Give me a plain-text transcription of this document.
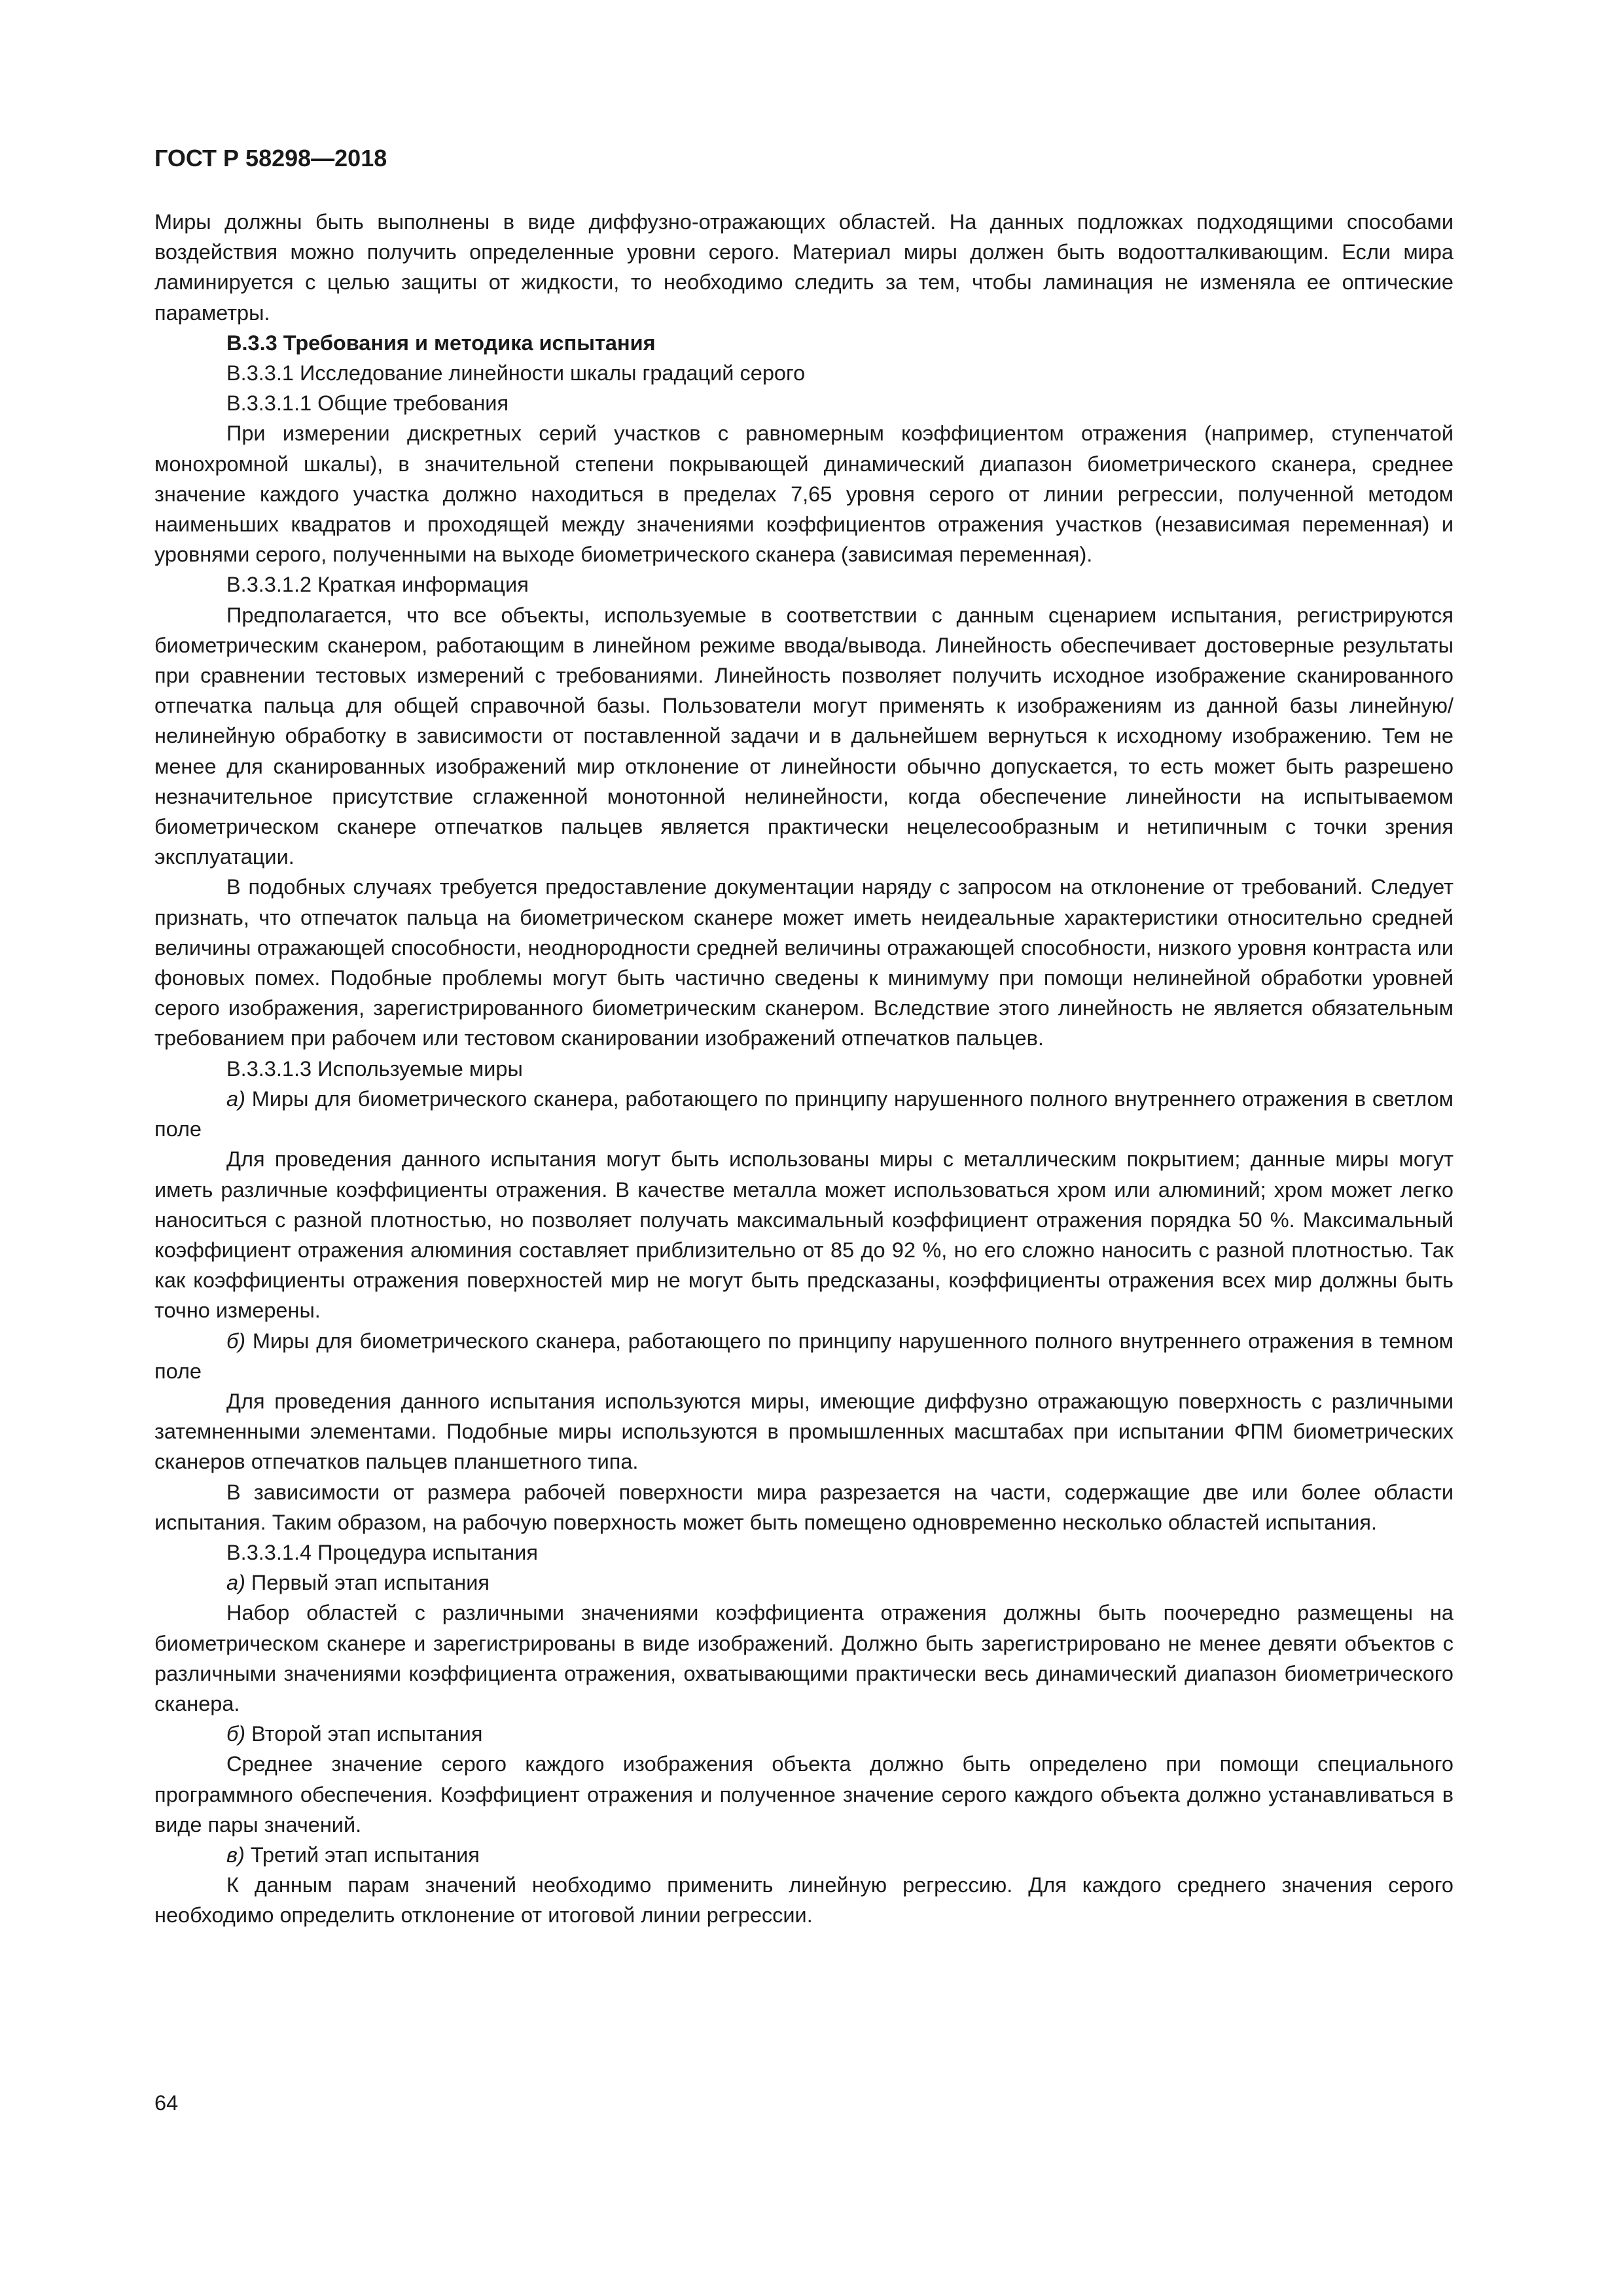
ГОСТ Р 58298—2018

Миры должны быть выполнены в виде диффузно-отражающих областей. На данных подложках подходящими способами воздействия можно получить определенные уровни серого. Материал миры должен быть водоотталкивающим. Если мира ламинируется с целью защиты от жидкости, то необходимо следить за тем, чтобы ламинация не изменяла ее оптические параметры.

В.3.3 Требования и методика испытания

В.3.3.1 Исследование линейности шкалы градаций серого

В.3.3.1.1 Общие требования

При измерении дискретных серий участков с равномерным коэффициентом отражения (например, ступенчатой монохромной шкалы), в значительной степени покрывающей динамический диапазон биометрического сканера, среднее значение каждого участка должно находиться в пределах 7,65 уровня серого от линии регрессии, полученной методом наименьших квадратов и проходящей между значениями коэффициентов отражения участков (независимая переменная) и уровнями серого, полученными на выходе биометрического сканера (зависимая переменная).

В.3.3.1.2 Краткая информация

Предполагается, что все объекты, используемые в соответствии с данным сценарием испытания, регистрируются биометрическим сканером, работающим в линейном режиме ввода/вывода. Линейность обеспечивает достоверные результаты при сравнении тестовых измерений с требованиями. Линейность позволяет получить исходное изображение сканированного отпечатка пальца для общей справочной базы. Пользователи могут применять к изображениям из данной базы линейную/нелинейную обработку в зависимости от поставленной задачи и в дальнейшем вернуться к исходному изображению. Тем не менее для сканированных изображений мир отклонение от линейности обычно допускается, то есть может быть разрешено незначительное присутствие сглаженной монотонной нелинейности, когда обеспечение линейности на испытываемом биометрическом сканере отпечатков пальцев является практически нецелесообразным и нетипичным с точки зрения эксплуатации.

В подобных случаях требуется предоставление документации наряду с запросом на отклонение от требований. Следует признать, что отпечаток пальца на биометрическом сканере может иметь неидеальные характеристики относительно средней величины отражающей способности, неоднородности средней величины отражающей способности, низкого уровня контраста или фоновых помех. Подобные проблемы могут быть частично сведены к минимуму при помощи нелинейной обработки уровней серого изображения, зарегистрированного биометрическим сканером. Вследствие этого линейность не является обязательным требованием при рабочем или тестовом сканировании изображений отпечатков пальцев.

В.3.3.1.3 Используемые миры

а) Миры для биометрического сканера, работающего по принципу нарушенного полного внутреннего отражения в светлом поле

Для проведения данного испытания могут быть использованы миры с металлическим покрытием; данные миры могут иметь различные коэффициенты отражения. В качестве металла может использоваться хром или алюминий; хром может легко наноситься с разной плотностью, но позволяет получать максимальный коэффициент отражения порядка 50 %. Максимальный коэффициент отражения алюминия составляет приблизительно от 85 до 92 %, но его сложно наносить с разной плотностью. Так как коэффициенты отражения поверхностей мир не могут быть предсказаны, коэффициенты отражения всех мир должны быть точно измерены.

б) Миры для биометрического сканера, работающего по принципу нарушенного полного внутреннего отражения в темном поле

Для проведения данного испытания используются миры, имеющие диффузно отражающую поверхность с различными затемненными элементами. Подобные миры используются в промышленных масштабах при испытании ФПМ биометрических сканеров отпечатков пальцев планшетного типа.

В зависимости от размера рабочей поверхности мира разрезается на части, содержащие две или более области испытания. Таким образом, на рабочую поверхность может быть помещено одновременно несколько областей испытания.

В.3.3.1.4 Процедура испытания

а) Первый этап испытания

Набор областей с различными значениями коэффициента отражения должны быть поочередно размещены на биометрическом сканере и зарегистрированы в виде изображений. Должно быть зарегистрировано не менее девяти объектов с различными значениями коэффициента отражения, охватывающими практически весь динамический диапазон биометрического сканера.

б) Второй этап испытания

Среднее значение серого каждого изображения объекта должно быть определено при помощи специального программного обеспечения. Коэффициент отражения и полученное значение серого каждого объекта должно устанавливаться в виде пары значений.

в) Третий этап испытания

К данным парам значений необходимо применить линейную регрессию. Для каждого среднего значения серого необходимо определить отклонение от итоговой линии регрессии.

64
